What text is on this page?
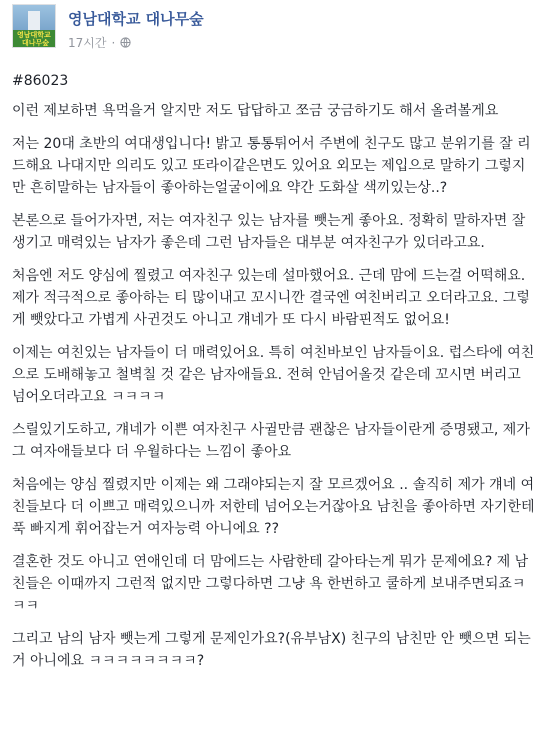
영남대학교
대나무숲
영남대학교 대나무숲
17시간 ·

#86023

이런 제보하면 욕먹을거 알지만 저도 답답하고 쪼금 궁금하기도 해서 올려볼게요

저는 20대 초반의 여대생입니다! 밝고 통통튀어서 주변에 친구도 많고 분위기를 잘 리드해요 나대지만 의리도 있고 또라이같은면도 있어요 외모는 제입으로 말하기 그렇지만 흔히말하는 남자들이 좋아하는얼굴이에요 약간 도화살 색끼있는상..?

본론으로 들어가자면, 저는 여자친구 있는 남자를 뺏는게 좋아요. 정확히 말하자면 잘생기고 매력있는 남자가 좋은데 그런 남자들은 대부분 여자친구가 있더라고요.

처음엔 저도 양심에 찔렸고 여자친구 있는데 설마했어요. 근데 맘에 드는걸 어떡해요. 제가 적극적으로 좋아하는 티 많이내고 꼬시니깐 결국엔 여친버리고 오더라고요. 그렇게 뺏았다고 가볍게 사귄것도 아니고 걔네가 또 다시 바람핀적도 없어요!

이제는 여친있는 남자들이 더 매력있어요. 특히 여친바보인 남자들이요. 럽스타에 여친으로 도배해놓고 철벽칠 것 같은 남자애들요. 전혀 안넘어올것 같은데 꼬시면 버리고 넘어오더라고요 ㅋㅋㅋㅋ

스릴있기도하고, 걔네가 이쁜 여자친구 사귈만큼 괜찮은 남자들이란게 증명됐고, 제가 그 여자애들보다 더 우월하다는 느낌이 좋아요

처음에는 양심 찔렸지만 이제는 왜 그래야되는지 잘 모르겠어요 .. 솔직히 제가 걔네 여친들보다 더 이쁘고 매력있으니까 저한테 넘어오는거잖아요 남친을 좋아하면 자기한테 푹 빠지게 휘어잡는거 여자능력 아니에요 ??

결혼한 것도 아니고 연애인데 더 맘에드는 사람한테 갈아타는게 뭐가 문제에요? 제 남친들은 이때까지 그런적 없지만 그렇다하면 그냥 욕 한번하고 쿨하게 보내주면되죠ㅋㅋㅋ

그리고 남의 남자 뺏는게 그렇게 문제인가요?(유부남X) 친구의 남친만 안 뺏으면 되는거 아니에요 ㅋㅋㅋㅋㅋㅋㅋㅋ?
